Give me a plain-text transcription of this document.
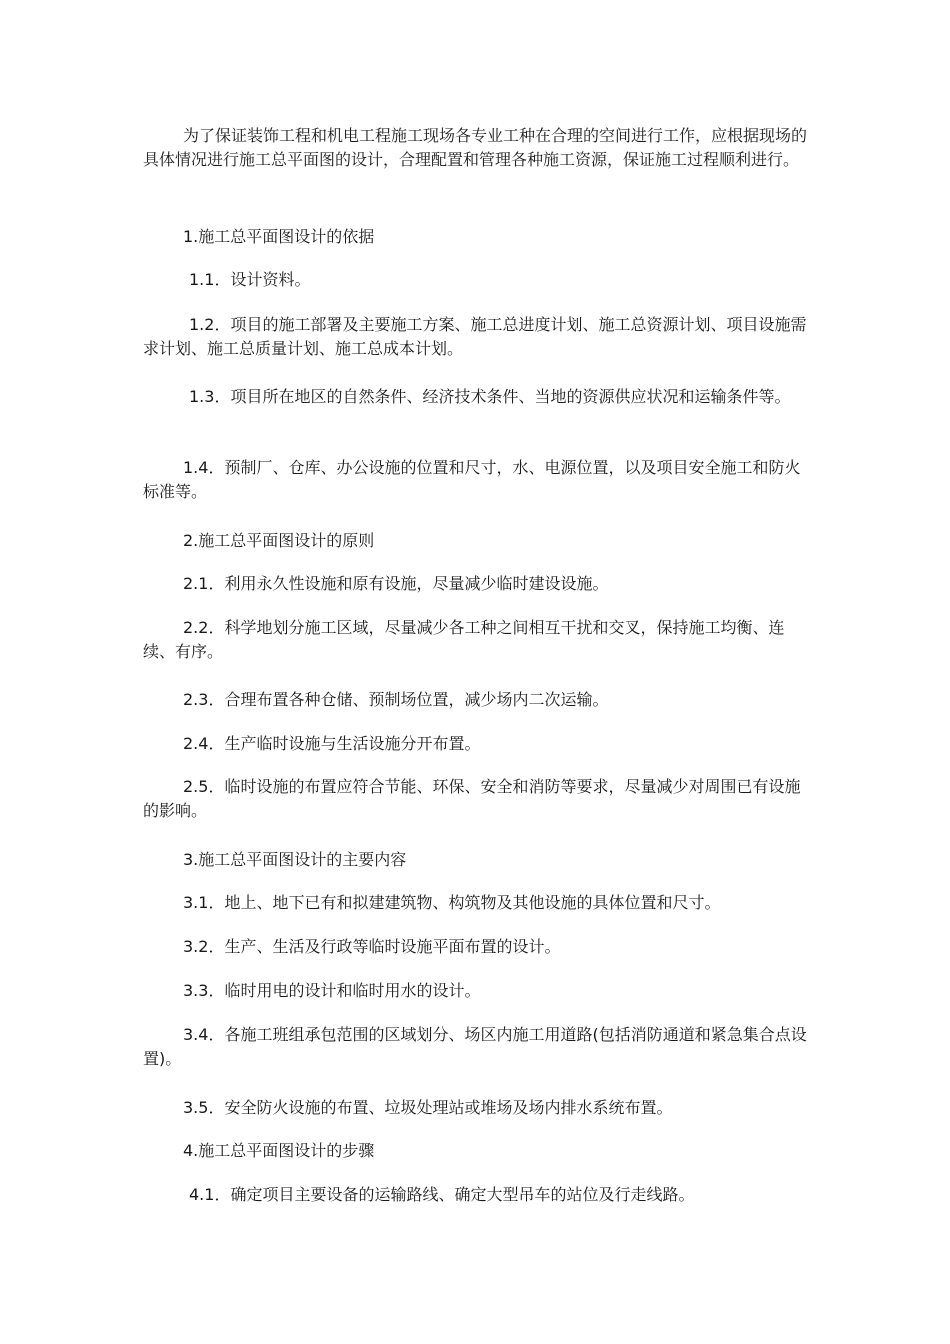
为了保证装饰工程和机电工程施工现场各专业工种在合理的空间进行工作，应根据现场的具体情况进行施工总平面图的设计，合理配置和管理各种施工资源，保证施工过程顺利进行。

1.施工总平面图设计的依据

1.1．设计资料。

1.2．项目的施工部署及主要施工方案、施工总进度计划、施工总资源计划、项目设施需求计划、施工总质量计划、施工总成本计划。

1.3．项目所在地区的自然条件、经济技术条件、当地的资源供应状况和运输条件等。

1.4．预制厂、仓库、办公设施的位置和尺寸，水、电源位置，以及项目安全施工和防火标准等。

2.施工总平面图设计的原则

2.1．利用永久性设施和原有设施，尽量减少临时建设设施。

2.2．科学地划分施工区域，尽量减少各工种之间相互干扰和交叉，保持施工均衡、连续、有序。

2.3．合理布置各种仓储、预制场位置，减少场内二次运输。

2.4．生产临时设施与生活设施分开布置。

2.5．临时设施的布置应符合节能、环保、安全和消防等要求，尽量减少对周围已有设施的影响。

3.施工总平面图设计的主要内容

3.1．地上、地下已有和拟建建筑物、构筑物及其他设施的具体位置和尺寸。

3.2．生产、生活及行政等临时设施平面布置的设计。

3.3．临时用电的设计和临时用水的设计。

3.4．各施工班组承包范围的区域划分、场区内施工用道路(包括消防通道和紧急集合点设置)。

3.5．安全防火设施的布置、垃圾处理站或堆场及场内排水系统布置。

4.施工总平面图设计的步骤

4.1．确定项目主要设备的运输路线、确定大型吊车的站位及行走线路。
